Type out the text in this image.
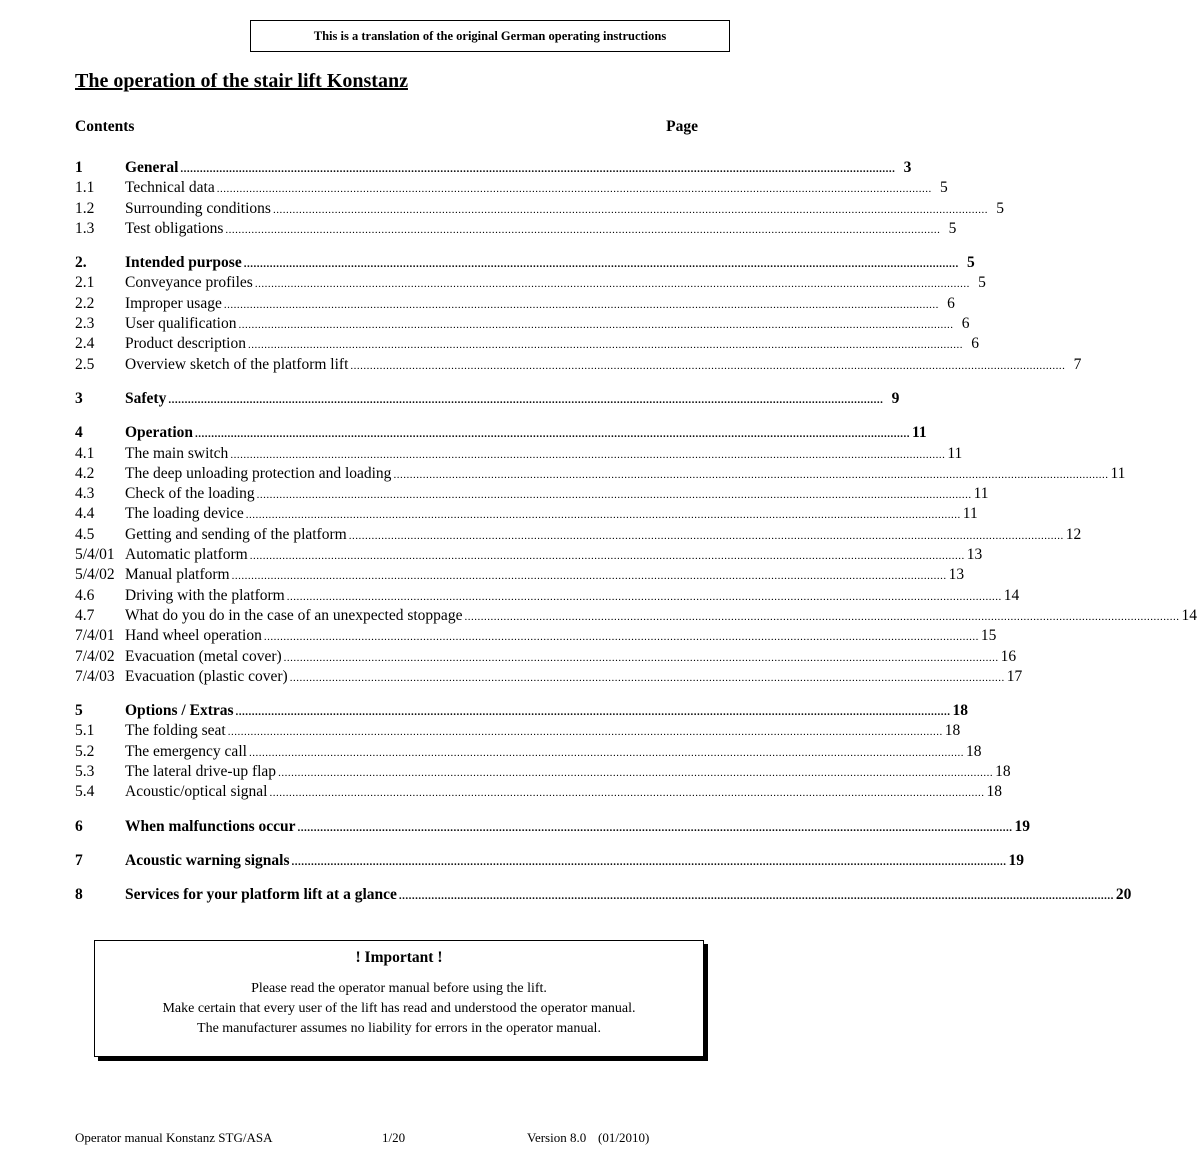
This is a translation of the original German operating instructions
The operation of the stair lift Konstanz
Contents	Page
1	General ............................................................................................................................................................................................................................ 3
1.1	Technical data ............................................................................................................................................................................................................................ 5
1.2	Surrounding conditions ............................................................................................................................................................................................................................ 5
1.3	Test obligations ............................................................................................................................................................................................................................ 5
2.	Intended purpose ............................................................................................................................................................................................................................ 5
2.1	Conveyance profiles ............................................................................................................................................................................................................................ 5
2.2	Improper usage ............................................................................................................................................................................................................................ 6
2.3	User qualification ............................................................................................................................................................................................................................ 6
2.4	Product description ............................................................................................................................................................................................................................ 6
2.5	Overview sketch of the platform lift ............................................................................................................................................................................................................................ 7
3	Safety ............................................................................................................................................................................................................................ 9
4	Operation ............................................................................................................................................................................................................................ 11
4.1	The main switch ............................................................................................................................................................................................................................ 11
4.2	The deep unloading protection and loading ............................................................................................................................................................................................................................ 11
4.3	Check of the loading ............................................................................................................................................................................................................................ 11
4.4	The loading device ............................................................................................................................................................................................................................ 11
4.5	Getting and sending of the platform ............................................................................................................................................................................................................................ 12
5/4/01 Automatic platform ............................................................................................................................................................................................................................ 13
5/4/02 Manual platform ............................................................................................................................................................................................................................ 13
4.6	Driving with the platform ............................................................................................................................................................................................................................ 14
4.7	What do you do in the case of an unexpected stoppage ............................................................................................................................................................................................................................ 14
7/4/01 Hand wheel operation ............................................................................................................................................................................................................................ 15
7/4/02 Evacuation (metal cover) ............................................................................................................................................................................................................................ 16
7/4/03 Evacuation (plastic cover) ............................................................................................................................................................................................................................ 17
5	Options / Extras ............................................................................................................................................................................................................................ 18
5.1	The folding seat ............................................................................................................................................................................................................................ 18
5.2	The emergency call ............................................................................................................................................................................................................................ 18
5.3	The lateral drive-up flap ............................................................................................................................................................................................................................ 18
5.4	Acoustic/optical signal ............................................................................................................................................................................................................................ 18
6	When malfunctions occur ............................................................................................................................................................................................................................ 19
7	Acoustic warning signals ............................................................................................................................................................................................................................ 19
8	Services for your platform lift at a glance ............................................................................................................................................................................................................................ 20
! Important !
Please read the operator manual before using the lift.
Make certain that every user of the lift has read and understood the operator manual.
The manufacturer assumes no liability for errors in the operator manual.
Operator manual Konstanz STG/ASA	1/20	Version 8.0 (01/2010)
